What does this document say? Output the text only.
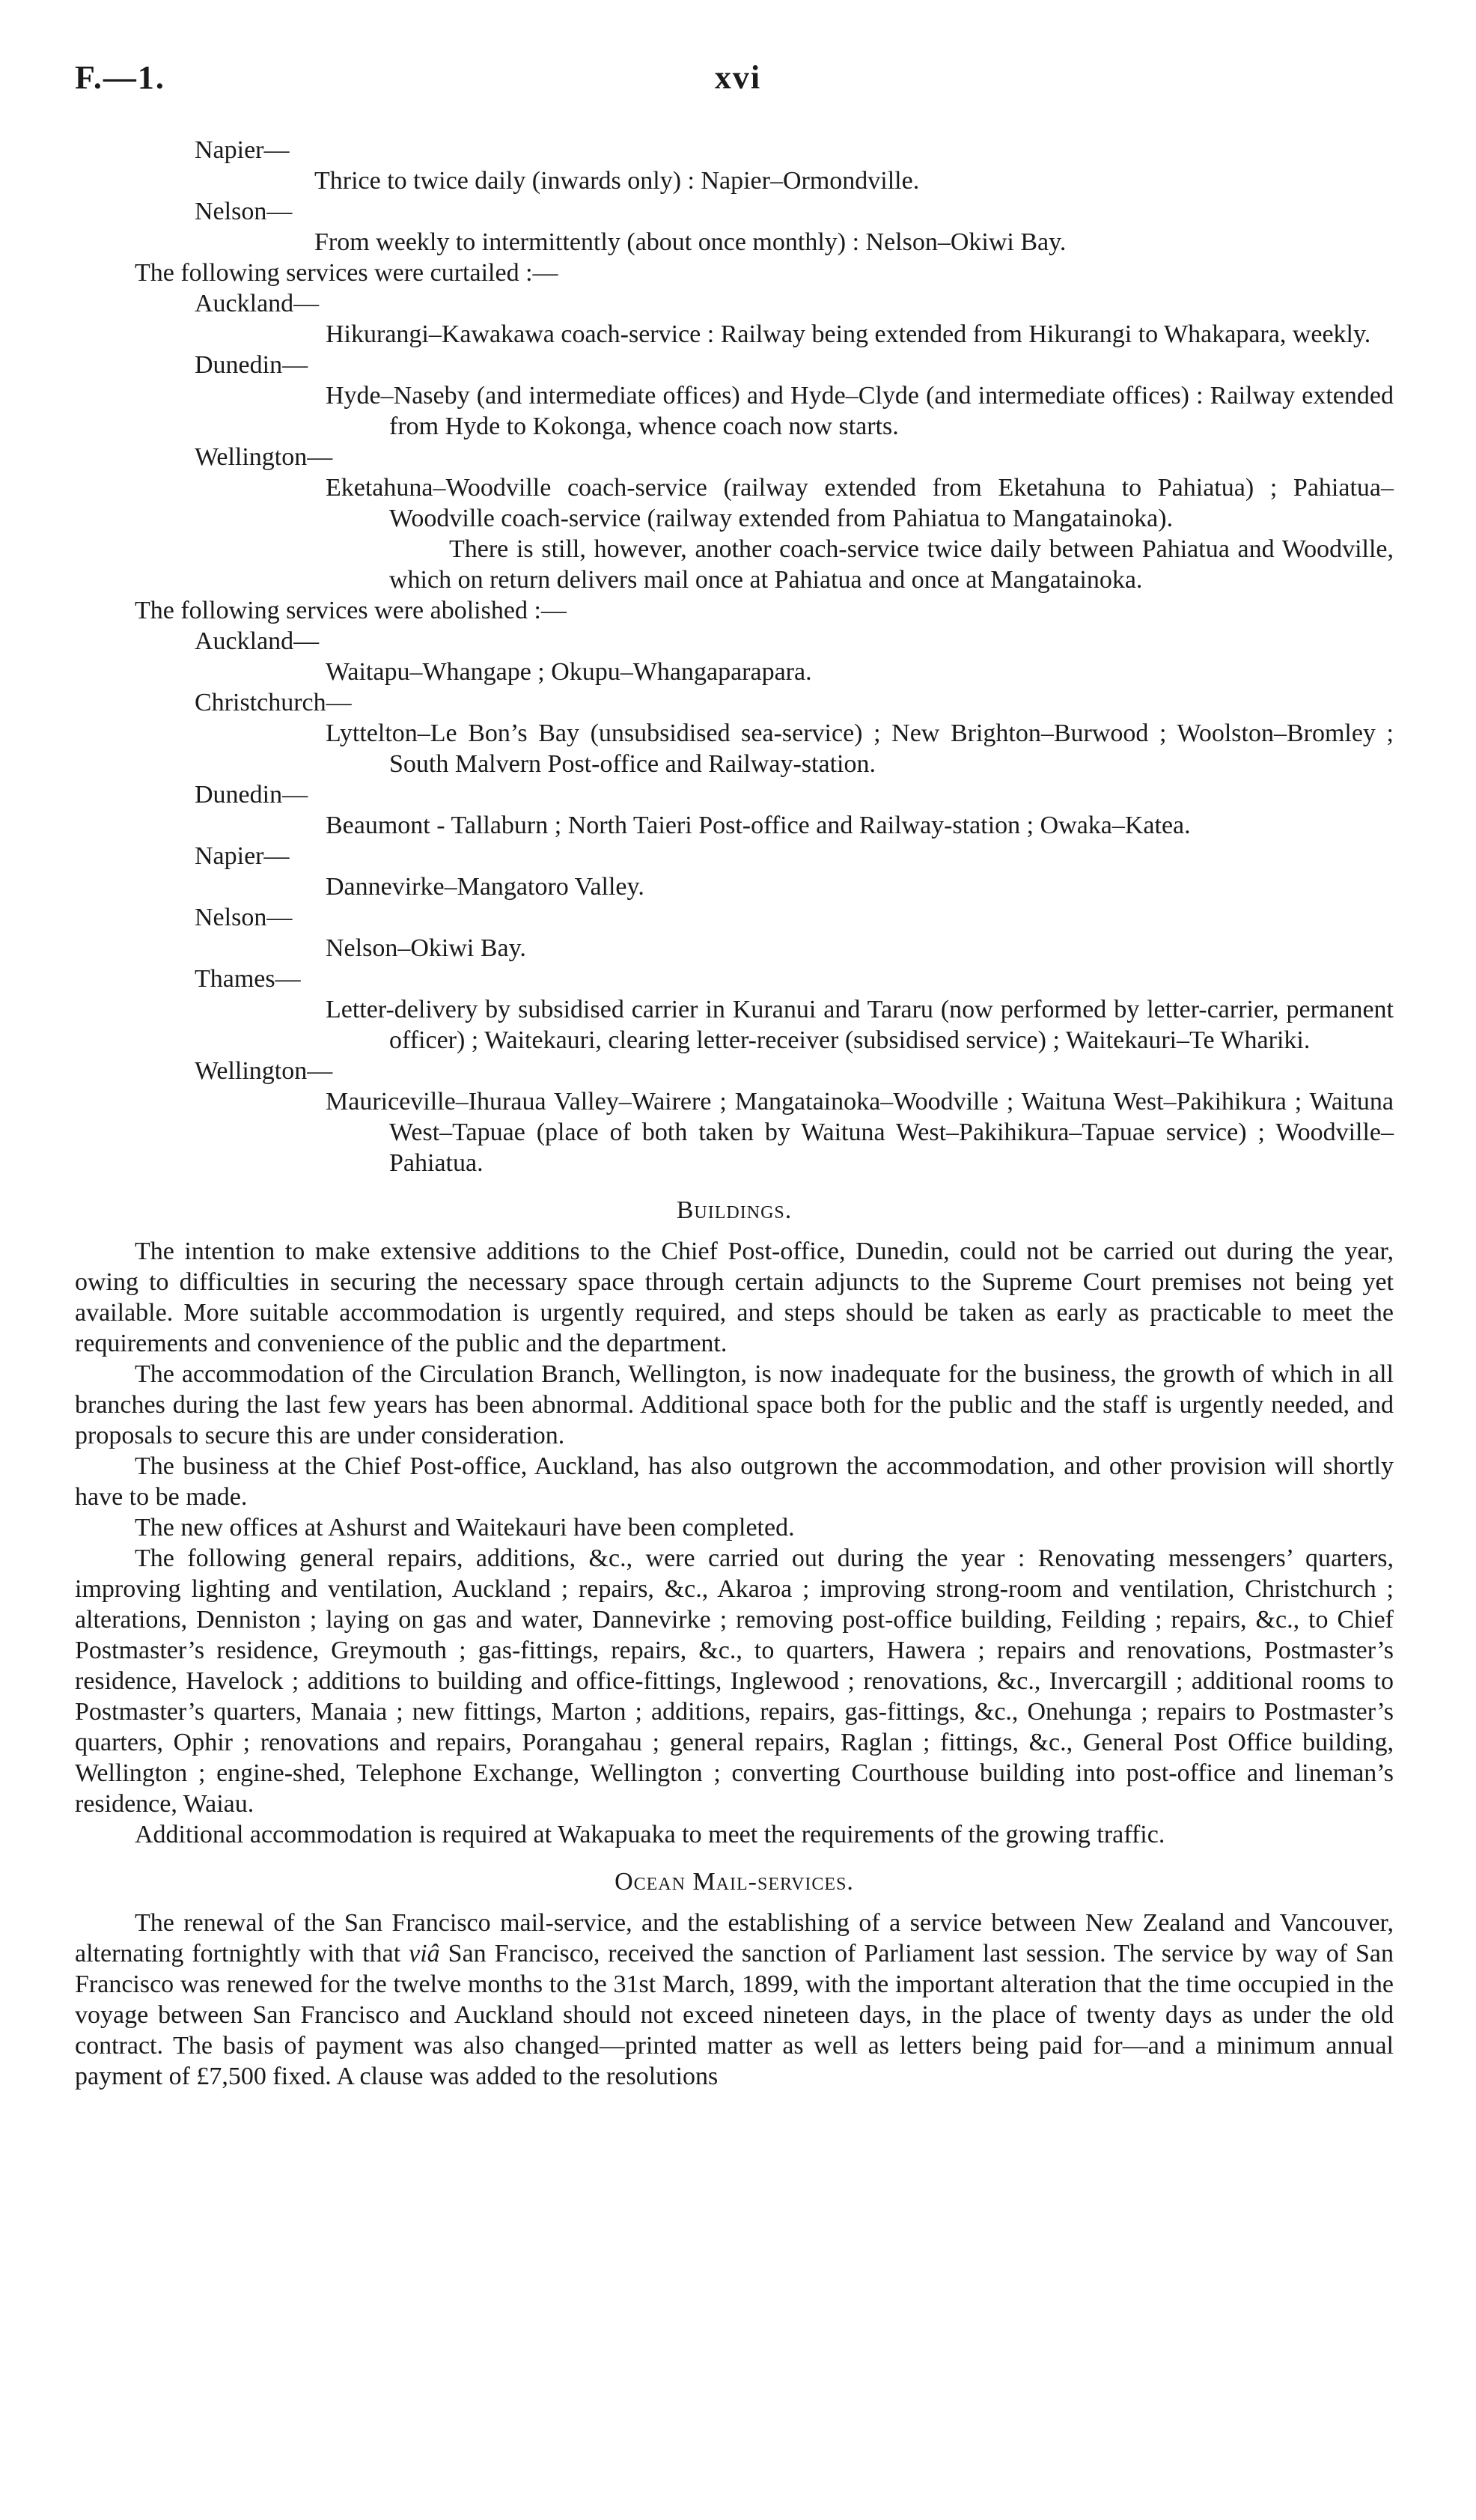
F.—1.	xvi

Napier—

Thrice to twice daily (inwards only) : Napier–Ormondville.

Nelson—

From weekly to intermittently (about once monthly) : Nelson–Okiwi Bay.

The following services were curtailed :—

Auckland—

Hikurangi–Kawakawa coach-service : Railway being extended from Hikurangi to Whakapara, weekly.

Dunedin—

Hyde–Naseby (and intermediate offices) and Hyde–Clyde (and intermediate offices) : Railway extended from Hyde to Kokonga, whence coach now starts.

Wellington—

Eketahuna–Woodville coach-service (railway extended from Eketahuna to Pahiatua) ; Pahiatua–Woodville coach-service (railway extended from Pahiatua to Mangatainoka).

There is still, however, another coach-service twice daily between Pahiatua and Woodville, which on return delivers mail once at Pahiatua and once at Mangatainoka.

The following services were abolished :—

Auckland—

Waitapu–Whangape ; Okupu–Whangaparapara.

Christchurch—

Lyttelton–Le Bon’s Bay (unsubsidised sea-service) ; New Brighton–Burwood ; Woolston–Bromley ; South Malvern Post-office and Railway-station.

Dunedin—

Beaumont - Tallaburn ; North Taieri Post-office and Railway-station ; Owaka–Katea.

Napier—

Dannevirke–Mangatoro Valley.

Nelson—

Nelson–Okiwi Bay.

Thames—

Letter-delivery by subsidised carrier in Kuranui and Tararu (now performed by letter-carrier, permanent officer) ; Waitekauri, clearing letter-receiver (subsidised service) ; Waitekauri–Te Whariki.

Wellington—

Mauriceville–Ihuraua Valley–Wairere ; Mangatainoka–Woodville ; Waituna West–Pakihikura ; Waituna West–Tapuae (place of both taken by Waituna West–Pakihikura–Tapuae service) ; Woodville–Pahiatua.

Buildings.

The intention to make extensive additions to the Chief Post-office, Dunedin, could not be carried out during the year, owing to difficulties in securing the necessary space through certain adjuncts to the Supreme Court premises not being yet available. More suitable accommodation is urgently required, and steps should be taken as early as practicable to meet the requirements and convenience of the public and the department.

The accommodation of the Circulation Branch, Wellington, is now inadequate for the business, the growth of which in all branches during the last few years has been abnormal. Additional space both for the public and the staff is urgently needed, and proposals to secure this are under consideration.

The business at the Chief Post-office, Auckland, has also outgrown the accommodation, and other provision will shortly have to be made.

The new offices at Ashurst and Waitekauri have been completed.

The following general repairs, additions, &c., were carried out during the year : Renovating messengers’ quarters, improving lighting and ventilation, Auckland ; repairs, &c., Akaroa ; improving strong-room and ventilation, Christchurch ; alterations, Denniston ; laying on gas and water, Dannevirke ; removing post-office building, Feilding ; repairs, &c., to Chief Postmaster’s residence, Greymouth ; gas-fittings, repairs, &c., to quarters, Hawera ; repairs and renovations, Postmaster’s residence, Havelock ; additions to building and office-fittings, Inglewood ; renovations, &c., Invercargill ; additional rooms to Postmaster’s quarters, Manaia ; new fittings, Marton ; additions, repairs, gas-fittings, &c., Onehunga ; repairs to Postmaster’s quarters, Ophir ; renovations and repairs, Porangahau ; general repairs, Raglan ; fittings, &c., General Post Office building, Wellington ; engine-shed, Telephone Exchange, Wellington ; converting Courthouse building into post-office and lineman’s residence, Waiau.

Additional accommodation is required at Wakapuaka to meet the requirements of the growing traffic.

Ocean Mail-services.

The renewal of the San Francisco mail-service, and the establishing of a service between New Zealand and Vancouver, alternating fortnightly with that viâ San Francisco, received the sanction of Parliament last session. The service by way of San Francisco was renewed for the twelve months to the 31st March, 1899, with the important alteration that the time occupied in the voyage between San Francisco and Auckland should not exceed nineteen days, in the place of twenty days as under the old contract. The basis of payment was also changed—printed matter as well as letters being paid for—and a minimum annual payment of £7,500 fixed. A clause was added to the resolutions
